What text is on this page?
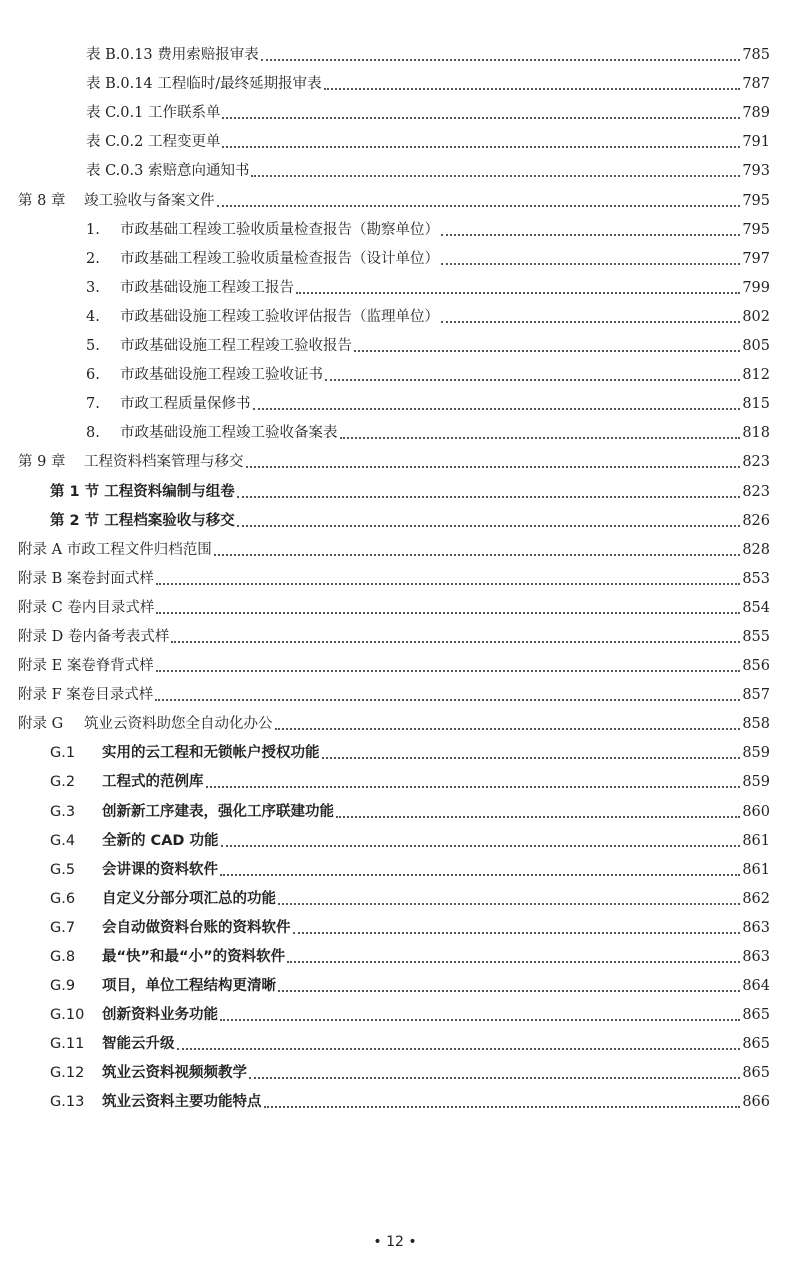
表 B.0.13 费用索赔报审表	785
表 B.0.14 工程临时/最终延期报审表	787
表 C.0.1 工作联系单	789
表 C.0.2 工程变更单	791
表 C.0.3 索赔意向通知书	793
第 8 章 竣工验收与备案文件	795
1. 市政基础工程竣工验收质量检查报告（勘察单位）	795
2. 市政基础工程竣工验收质量检查报告（设计单位）	797
3. 市政基础设施工程竣工报告	799
4. 市政基础设施工程竣工验收评估报告（监理单位）	802
5. 市政基础设施工程工程竣工验收报告	805
6. 市政基础设施工程竣工验收证书	812
7. 市政工程质量保修书	815
8. 市政基础设施工程竣工验收备案表	818
第 9 章 工程资料档案管理与移交	823
第 1 节 工程资料编制与组卷	823
第 2 节 工程档案验收与移交	826
附录 A 市政工程文件归档范围	828
附录 B 案卷封面式样	853
附录 C 卷内目录式样	854
附录 D 卷内备考表式样	855
附录 E 案卷脊背式样	856
附录 F 案卷目录式样	857
附录 G 筑业云资料助您全自动化办公	858
G.1 实用的云工程和无锁帐户授权功能	859
G.2 工程式的范例库	859
G.3 创新新工序建表，强化工序联建功能	860
G.4 全新的 CAD 功能	861
G.5 会讲课的资料软件	861
G.6 自定义分部分项汇总的功能	862
G.7 会自动做资料台账的资料软件	863
G.8 最“快”和最“小”的资料软件	863
G.9 项目，单位工程结构更清晰	864
G.10 创新资料业务功能	865
G.11 智能云升级	865
G.12 筑业云资料视频频教学	865
G.13 筑业云资料主要功能特点	866
• 12 •
